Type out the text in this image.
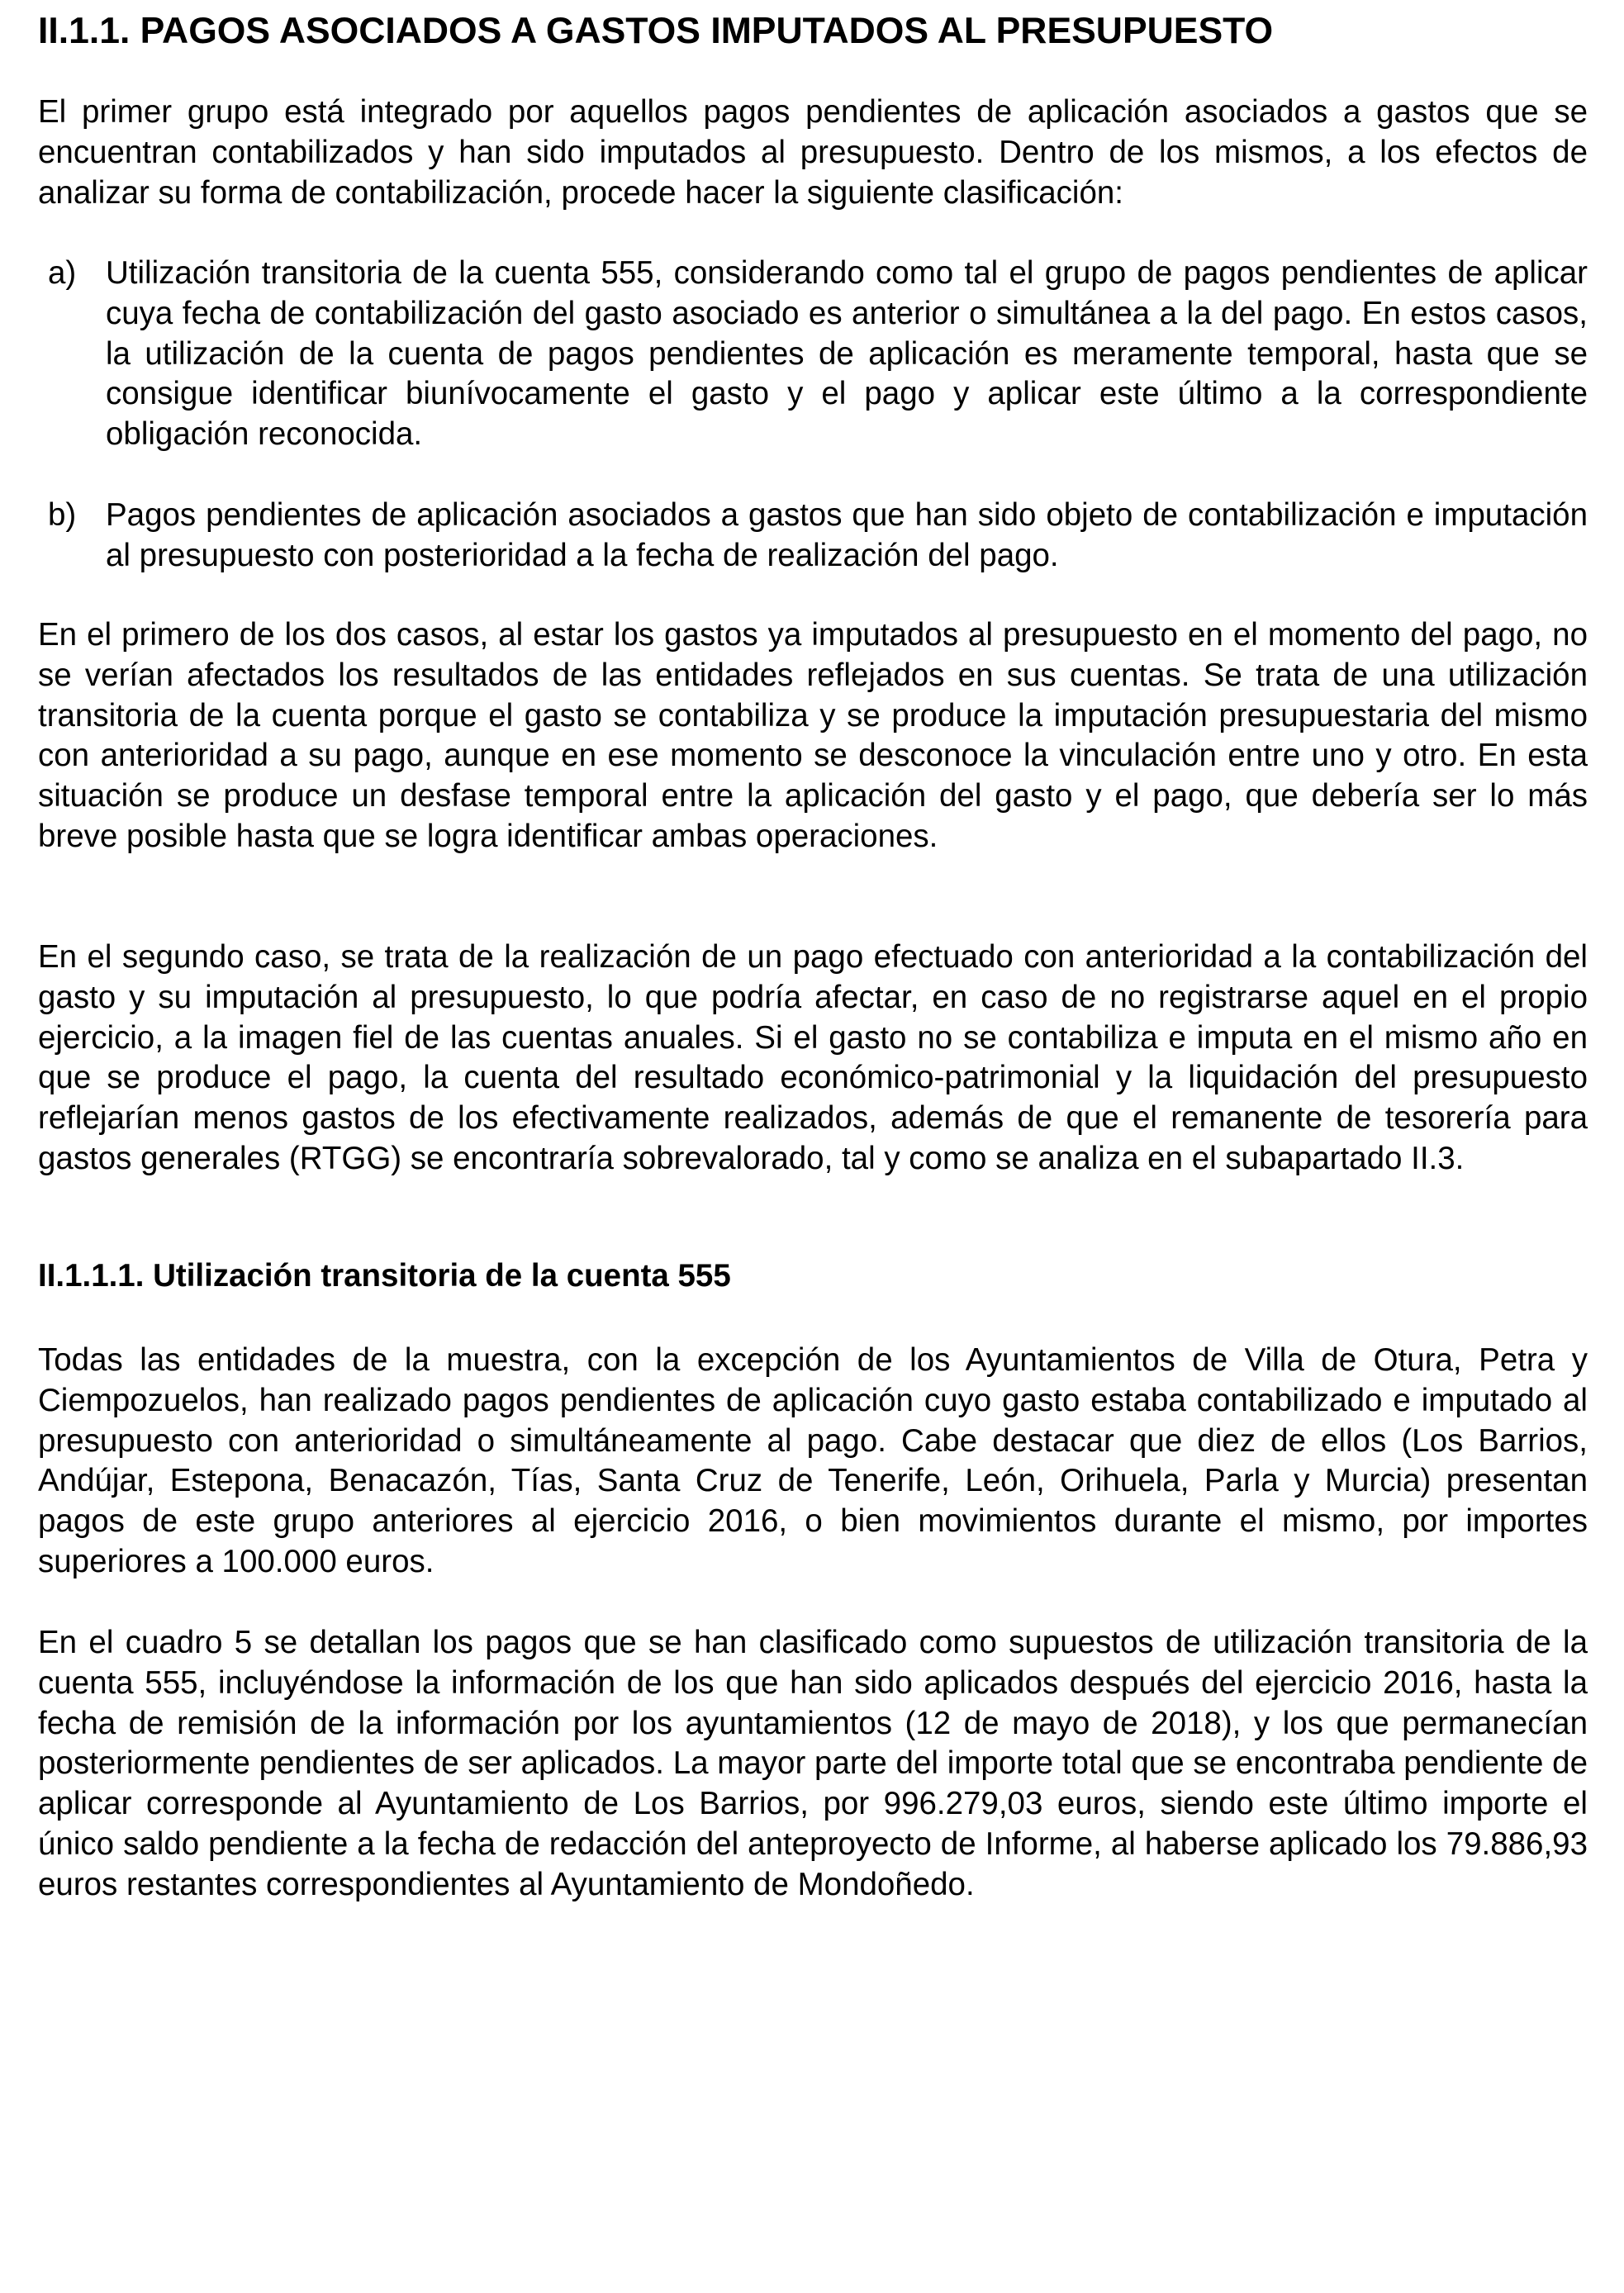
II.1.1. PAGOS ASOCIADOS A GASTOS IMPUTADOS AL PRESUPUESTO

El primer grupo está integrado por aquellos pagos pendientes de aplicación asociados a gastos que se encuentran contabilizados y han sido imputados al presupuesto. Dentro de los mismos, a los efectos de analizar su forma de contabilización, procede hacer la siguiente clasificación:

a) Utilización transitoria de la cuenta 555, considerando como tal el grupo de pagos pendientes de aplicar cuya fecha de contabilización del gasto asociado es anterior o simultánea a la del pago. En estos casos, la utilización de la cuenta de pagos pendientes de aplicación es meramente temporal, hasta que se consigue identificar biunívocamente el gasto y el pago y aplicar este último a la correspondiente obligación reconocida.

b) Pagos pendientes de aplicación asociados a gastos que han sido objeto de contabilización e imputación al presupuesto con posterioridad a la fecha de realización del pago.

En el primero de los dos casos, al estar los gastos ya imputados al presupuesto en el momento del pago, no se verían afectados los resultados de las entidades reflejados en sus cuentas. Se trata de una utilización transitoria de la cuenta porque el gasto se contabiliza y se produce la imputación presupuestaria del mismo con anterioridad a su pago, aunque en ese momento se desconoce la vinculación entre uno y otro. En esta situación se produce un desfase temporal entre la aplicación del gasto y el pago, que debería ser lo más breve posible hasta que se logra identificar ambas operaciones.

En el segundo caso, se trata de la realización de un pago efectuado con anterioridad a la contabilización del gasto y su imputación al presupuesto, lo que podría afectar, en caso de no registrarse aquel en el propio ejercicio, a la imagen fiel de las cuentas anuales. Si el gasto no se contabiliza e imputa en el mismo año en que se produce el pago, la cuenta del resultado económico-patrimonial y la liquidación del presupuesto reflejarían menos gastos de los efectivamente realizados, además de que el remanente de tesorería para gastos generales (RTGG) se encontraría sobrevalorado, tal y como se analiza en el subapartado II.3.

II.1.1.1. Utilización transitoria de la cuenta 555

Todas las entidades de la muestra, con la excepción de los Ayuntamientos de Villa de Otura, Petra y Ciempozuelos, han realizado pagos pendientes de aplicación cuyo gasto estaba contabilizado e imputado al presupuesto con anterioridad o simultáneamente al pago. Cabe destacar que diez de ellos (Los Barrios, Andújar, Estepona, Benacazón, Tías, Santa Cruz de Tenerife, León, Orihuela, Parla y Murcia) presentan pagos de este grupo anteriores al ejercicio 2016, o bien movimientos durante el mismo, por importes superiores a 100.000 euros.

En el cuadro 5 se detallan los pagos que se han clasificado como supuestos de utilización transitoria de la cuenta 555, incluyéndose la información de los que han sido aplicados después del ejercicio 2016, hasta la fecha de remisión de la información por los ayuntamientos (12 de mayo de 2018), y los que permanecían posteriormente pendientes de ser aplicados. La mayor parte del importe total que se encontraba pendiente de aplicar corresponde al Ayuntamiento de Los Barrios, por 996.279,03 euros, siendo este último importe el único saldo pendiente a la fecha de redacción del anteproyecto de Informe, al haberse aplicado los 79.886,93 euros restantes correspondientes al Ayuntamiento de Mondoñedo.
